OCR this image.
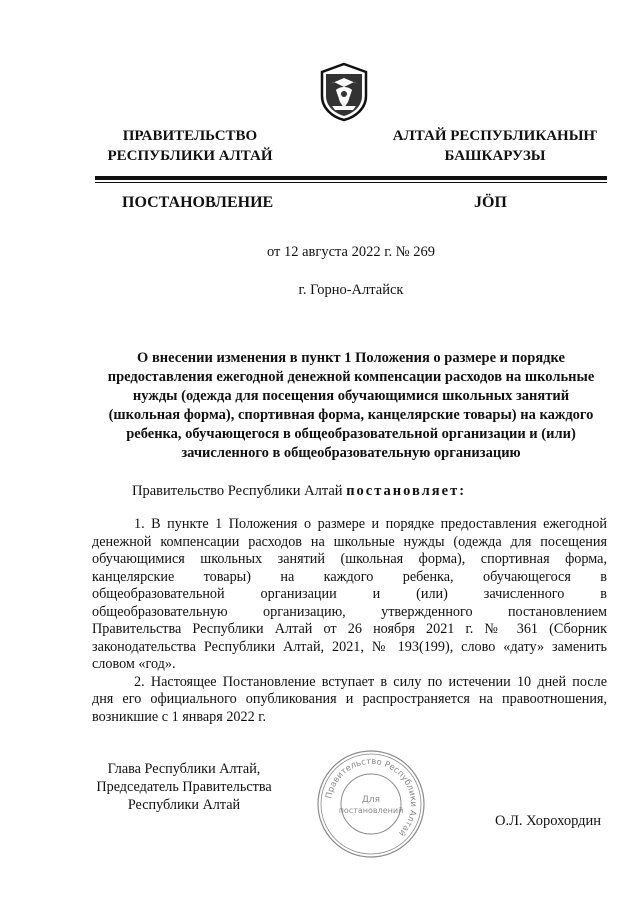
ПРАВИТЕЛЬСТВО
РЕСПУБЛИКИ АЛТАЙ
АЛТАЙ РЕСПУБЛИКАНЫҤ
БАШКАРУЗЫ
ПОСТАНОВЛЕНИЕ	JÖП
от 12 августа 2022 г. № 269
г. Горно-Алтайск
О внесении изменения в пункт 1 Положения о размере и порядке
предоставления ежегодной денежной компенсации расходов на школьные
нужды (одежда для посещения обучающимися школьных занятий
(школьная форма), спортивная форма, канцелярские товары) на каждого
ребенка, обучающегося в общеобразовательной организации и (или)
зачисленного в общеобразовательную организацию
Правительство Республики Алтай постановляет:
1. В пункте 1 Положения о размере и порядке предоставления ежегодной
денежной компенсации расходов на школьные нужды (одежда для посещения
обучающимися школьных занятий (школьная форма), спортивная форма,
канцелярские товары) на каждого ребенка, обучающегося в
общеобразовательной организации и (или) зачисленного в
общеобразовательную организацию, утвержденного постановлением
Правительства Республики Алтай от 26 ноября 2021 г. № 361 (Сборник
законодательства Республики Алтай, 2021, № 193(199), слово «дату» заменить
словом «год».
2. Настоящее Постановление вступает в силу по истечении 10 дней после
дня его официального опубликования и распространяется на правоотношения,
возникшие с 1 января 2022 г.
Глава Республики Алтай,
Председатель Правительства
Республики Алтай
О.Л. Хорохордин
Правительство Республики Алтай
Для
постановлений
